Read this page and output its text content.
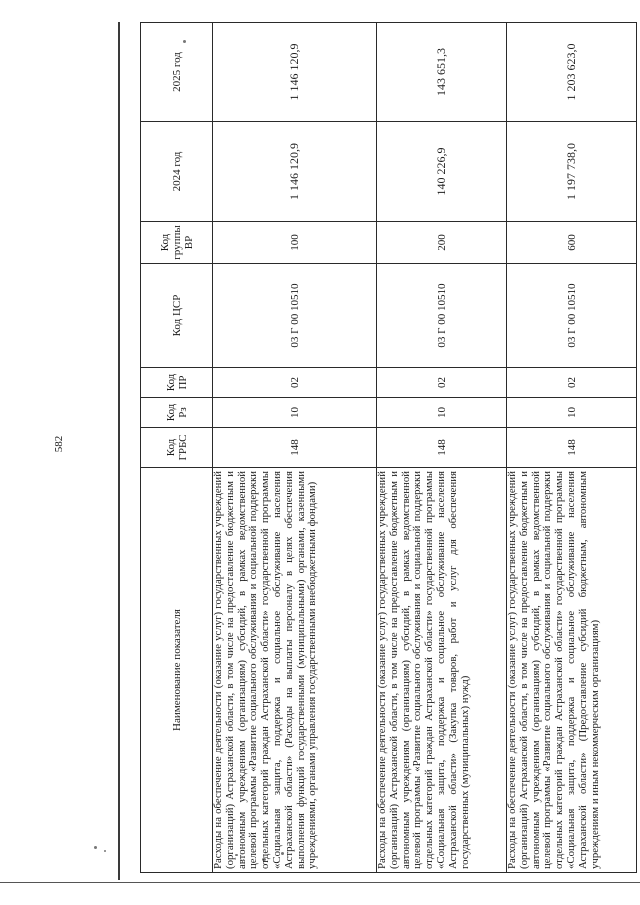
582
Наименование показателя	Код ГРБС	Код Рз	Код ПР	Код ЦСР	Код группы ВР	2024 год	2025 год
Расходы на обеспечение деятельности (оказание услуг) государственных учреждений (организаций) Астраханской области, в том числе на предоставление бюджетным и автономным учреждениям (организациям) субсидий, в рамках ведомственной целевой программы «Развитие социального обслуживания и социальной поддержки отдельных категорий граждан Астраханской области» государственной программы «Социальная защита, поддержка и социальное обслуживание населения Астраханской области» (Расходы на выплаты персоналу в целях обеспечения выполнения функций государственными (муниципальными) органами, казенными учреждениями, органами управления государственными внебюджетными фондами)	148	10	02	03 Г 00 10510	100	1 146 120,9	1 146 120,9
Расходы на обеспечение деятельности (оказание услуг) государственных учреждений (организаций) Астраханской области, в том числе на предоставление бюджетным и автономным учреждениям (организациям) субсидий, в рамках ведомственной целевой программы «Развитие социального обслуживания и социальной поддержки отдельных категорий граждан Астраханской области» государственной программы «Социальная защита, поддержка и социальное обслуживание населения Астраханской области» (Закупка товаров, работ и услуг для обеспечения государственных (муниципальных) нужд)	148	10	02	03 Г 00 10510	200	140 226,9	143 651,3
Расходы на обеспечение деятельности (оказание услуг) государственных учреждений (организаций) Астраханской области, в том числе на предоставление бюджетным и автономным учреждениям (организациям) субсидий, в рамках ведомственной целевой программы «Развитие социального обслуживания и социальной поддержки отдельных категорий граждан Астраханской области» государственной программы «Социальная защита, поддержка и социальное обслуживание населения Астраханской области» (Предоставление субсидий бюджетным, автономным учреждениям и иным некоммерческим организациям)	148	10	02	03 Г 00 10510	600	1 197 738,0	1 203 623,0
